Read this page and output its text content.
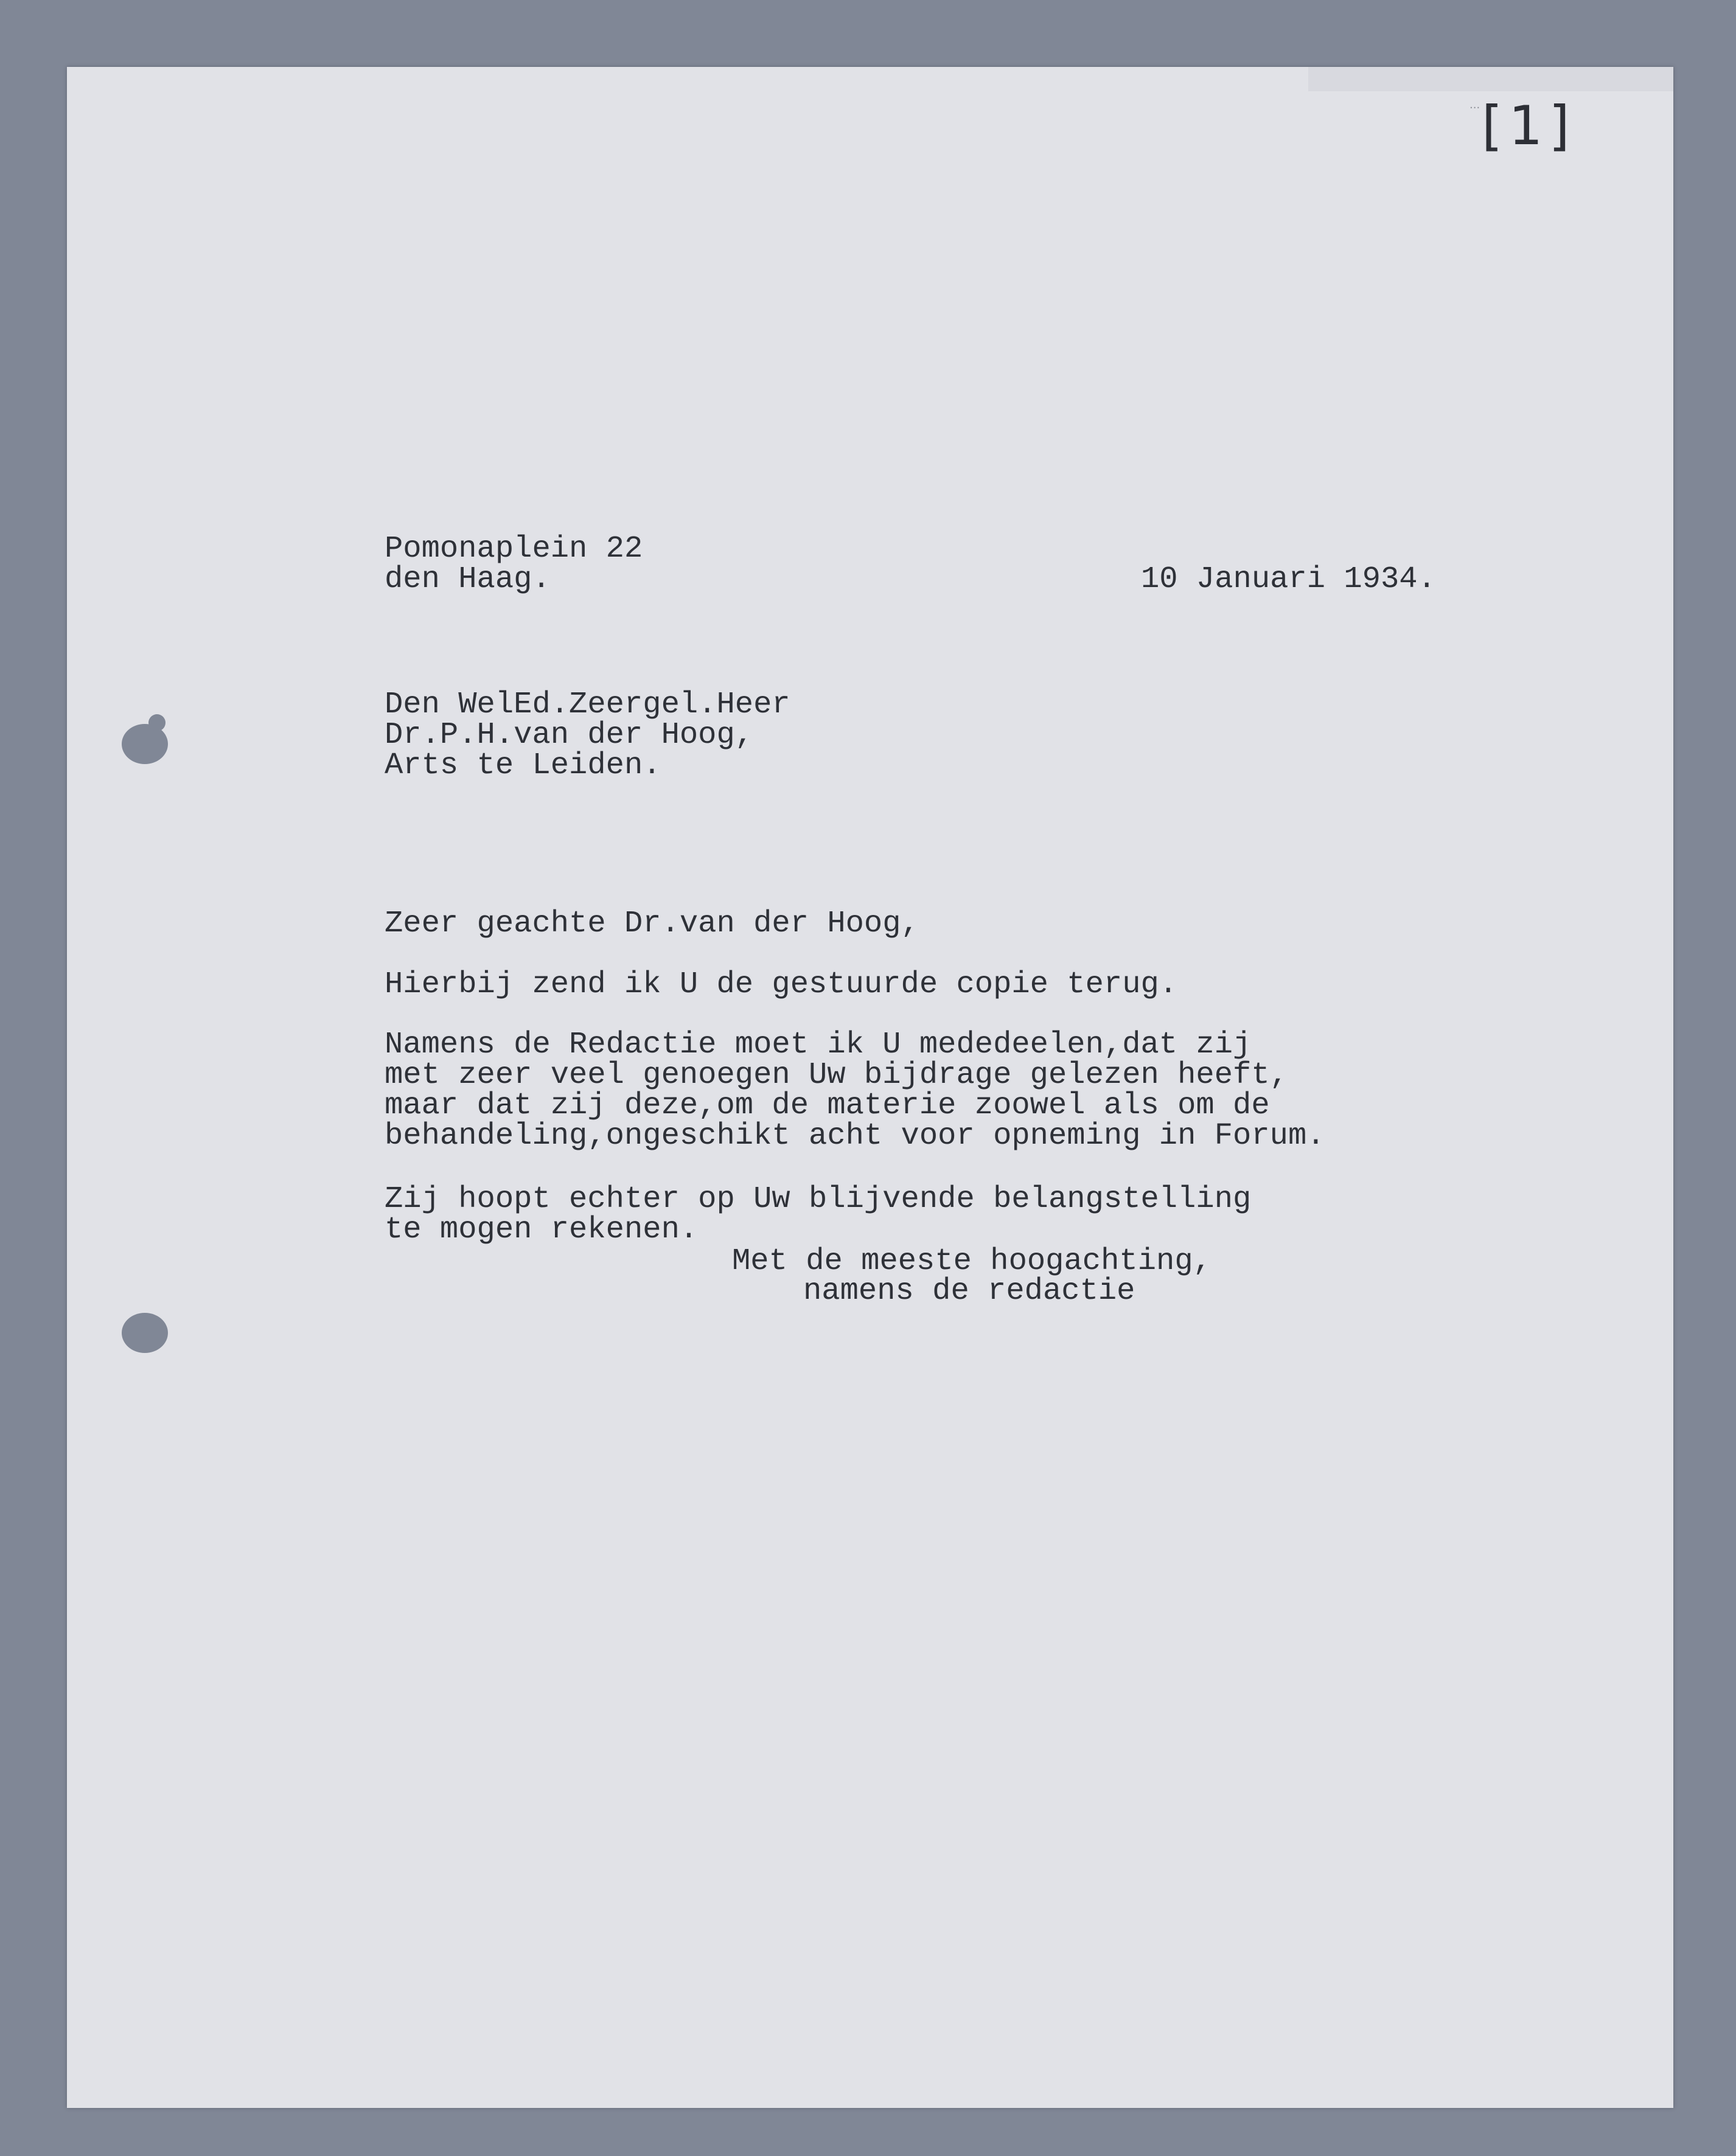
... [1]
Pomonaplein 22
den Haag.	10 Januari 1934.
Den WelEd.Zeergel.Heer
Dr.P.H.van der Hoog,
Arts te Leiden.
Zeer geachte Dr.van der Hoog,
Hierbij zend ik U de gestuurde copie terug.
Namens de Redactie moet ik U mededeelen,dat zij
met zeer veel genoegen Uw bijdrage gelezen heeft,
maar dat zij deze,om de materie zoowel als om de
behandeling,ongeschikt acht voor opneming in Forum.
Zij hoopt echter op Uw blijvende belangstelling
te mogen rekenen.
Met de meeste hoogachting,
namens de redactie
